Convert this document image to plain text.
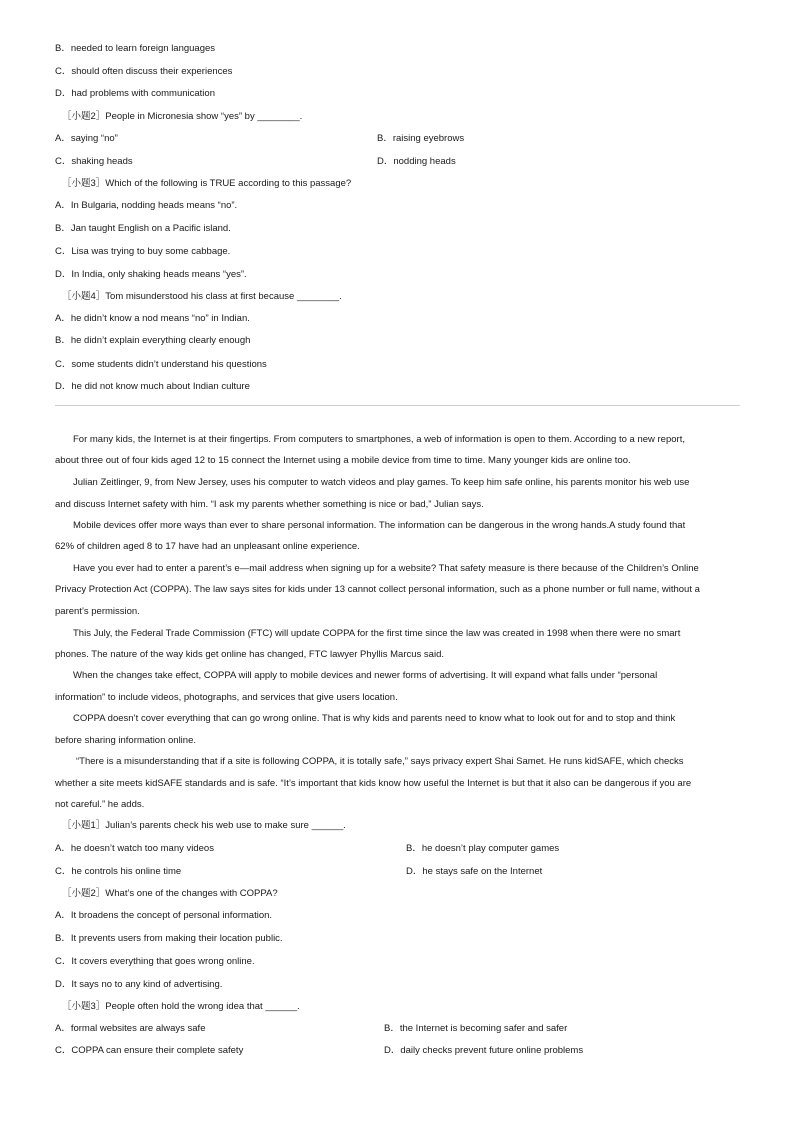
B．needed to learn foreign languages
C．should often discuss their experiences
D．had problems with communication
［小题2］People in Micronesia show “yes” by ________.
A．saying “no”	B．raising eyebrows
C．shaking heads	D．nodding heads
［小题3］Which of the following is TRUE according to this passage?
A．In Bulgaria, nodding heads means “no”.
B．Jan taught English on a Pacific island.
C．Lisa was trying to buy some cabbage.
D．In India, only shaking heads means “yes”.
［小题4］Tom misunderstood his class at first because ________.
A．he didn’t know a nod means “no” in Indian.
B．he didn’t explain everything clearly enough
C．some students didn’t understand his questions
D．he did not know much about Indian culture
For many kids, the Internet is at their fingertips. From computers to smartphones, a web of information is open to them. According to a new report,
about three out of four kids aged 12 to 15 connect the Internet using a mobile device from time to time. Many younger kids are online too.
Julian Zeitlinger, 9, from New Jersey, uses his computer to watch videos and play games. To keep him safe online, his parents monitor his web use
and discuss Internet safety with him. “I ask my parents whether something is nice or bad,” Julian says.
Mobile devices offer more ways than ever to share personal information. The information can be dangerous in the wrong hands.A study found that
62% of children aged 8 to 17 have had an unpleasant online experience.
Have you ever had to enter a parent’s e—mail address when signing up for a website? That safety measure is there because of the Children’s Online
Privacy Protection Act (COPPA). The law says sites for kids under 13 cannot collect personal information, such as a phone number or full name, without a
parent’s permission.
This July, the Federal Trade Commission (FTC) will update COPPA for the first time since the law was created in 1998 when there were no smart
phones. The nature of the way kids get online has changed, FTC lawyer Phyllis Marcus said.
When the changes take effect, COPPA will apply to mobile devices and newer forms of advertising. It will expand what falls under “personal
information” to include videos, photographs, and services that give users location.
COPPA doesn’t cover everything that can go wrong online. That is why kids and parents need to know what to look out for and to stop and think
before sharing information online.
“There is a misunderstanding that if a site is following COPPA, it is totally safe,” says privacy expert Shai Samet. He runs kidSAFE, which checks
whether a site meets kidSAFE standards and is safe. “It’s important that kids know how useful the Internet is but that it also can be dangerous if you are
not careful.” he adds.
［小题1］Julian’s parents check his web use to make sure ______.
A．he doesn’t watch too many videos	B．he doesn’t play computer games
C．he controls his online time	D．he stays safe on the Internet
［小题2］What’s one of the changes with COPPA?
A．It broadens the concept of personal information.
B．It prevents users from making their location public.
C．It covers everything that goes wrong online.
D．It says no to any kind of advertising.
［小题3］People often hold the wrong idea that ______.
A．formal websites are always safe	B．the Internet is becoming safer and safer
C．COPPA can ensure their complete safety	D．daily checks prevent future online problems
